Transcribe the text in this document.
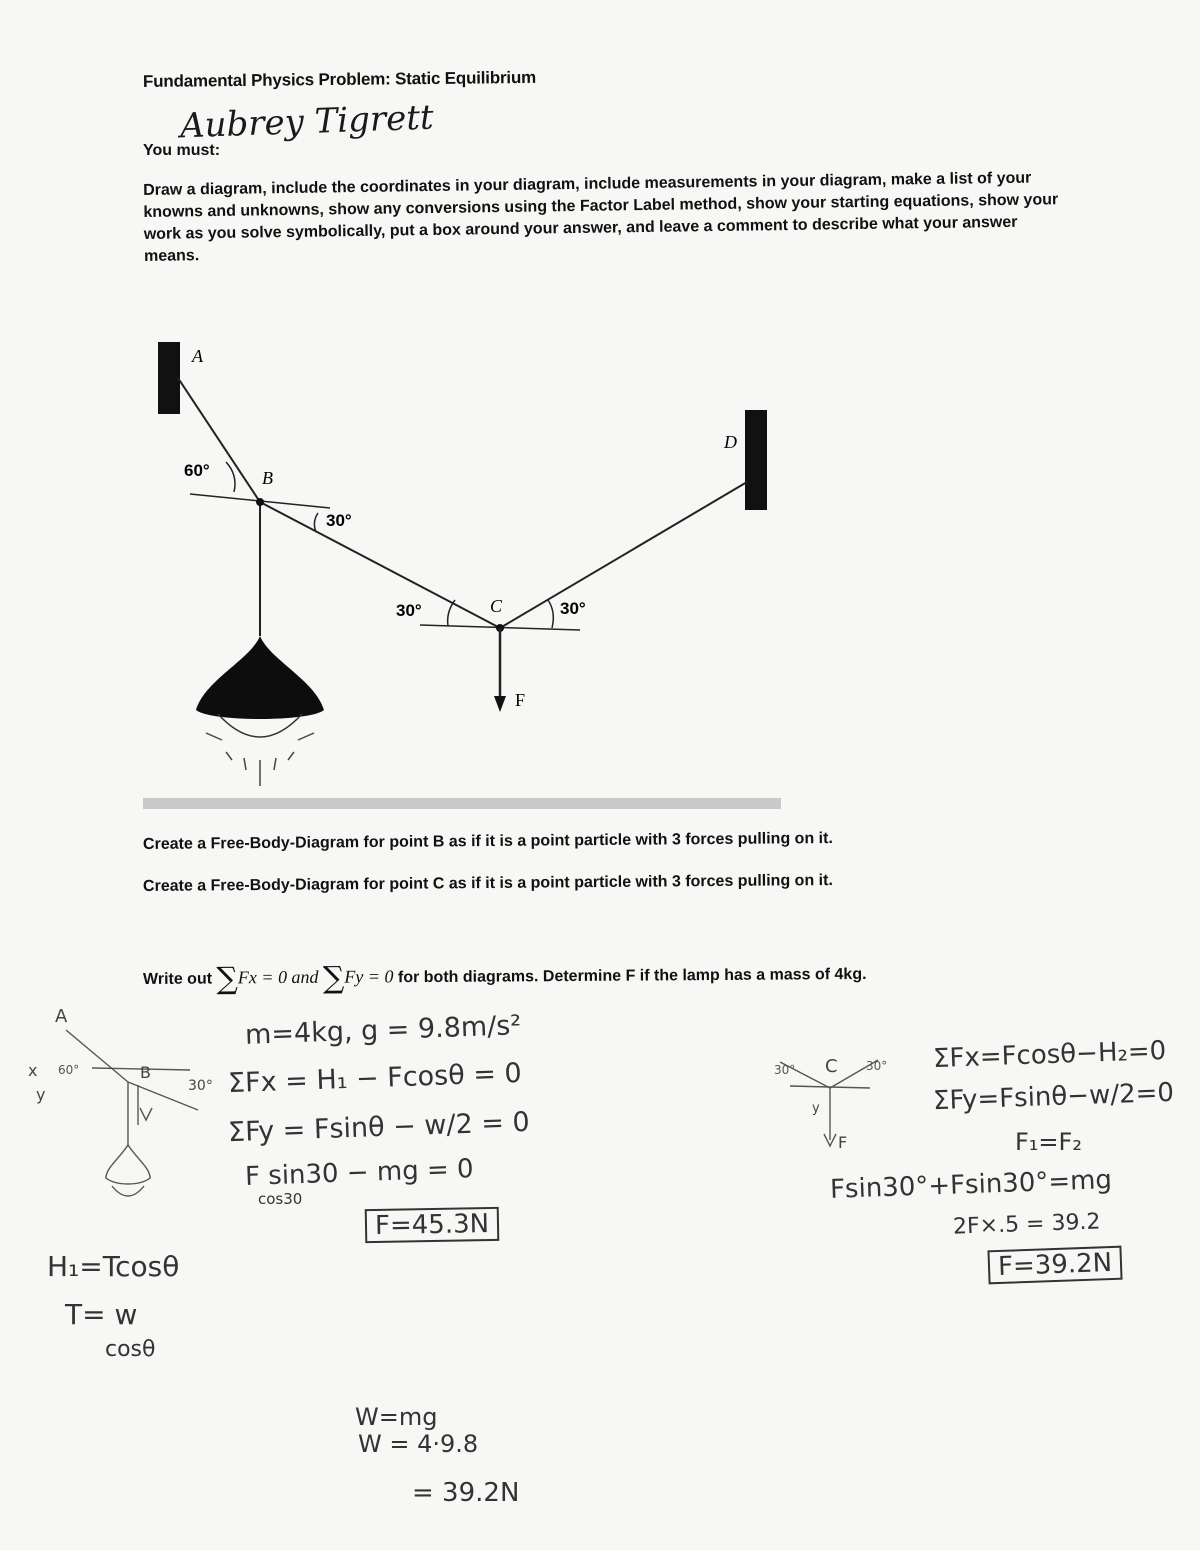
Fundamental Physics Problem: Static Equilibrium
Aubrey Tigrett
You must:
Draw a diagram, include the coordinates in your diagram, include measurements in your diagram, make a list of your knowns and unknowns, show any conversions using the Factor Label method, show your starting equations, show your work as you solve symbolically, put a box around your answer, and leave a comment to describe what your answer means.
A
B
C
D
F
60°
30°
30°	30°
A
B
x
y
60°
30°
C
y
F
30°	30°
Create a Free-Body-Diagram for point B as if it is a point particle with 3 forces pulling on it.
Create a Free-Body-Diagram for point C as if it is a point particle with 3 forces pulling on it.
Write out ∑Fx = 0 and ∑Fy = 0 for both diagrams. Determine F if the lamp has a mass of 4kg.
m=4kg, g = 9.8m/s²
ΣFx = H₁ − Fcosθ = 0
ΣFy = Fsinθ − w/2 = 0
F sin30 − mg = 0
cos30
F=45.3N
H₁=Tcosθ
T= w
cosθ
W=mg
W = 4·9.8
= 39.2N
ΣFx=Fcosθ−H₂=0
ΣFy=Fsinθ−w/2=0
F₁=F₂
Fsin30°+Fsin30°=mg
2F×.5 = 39.2
F=39.2N
